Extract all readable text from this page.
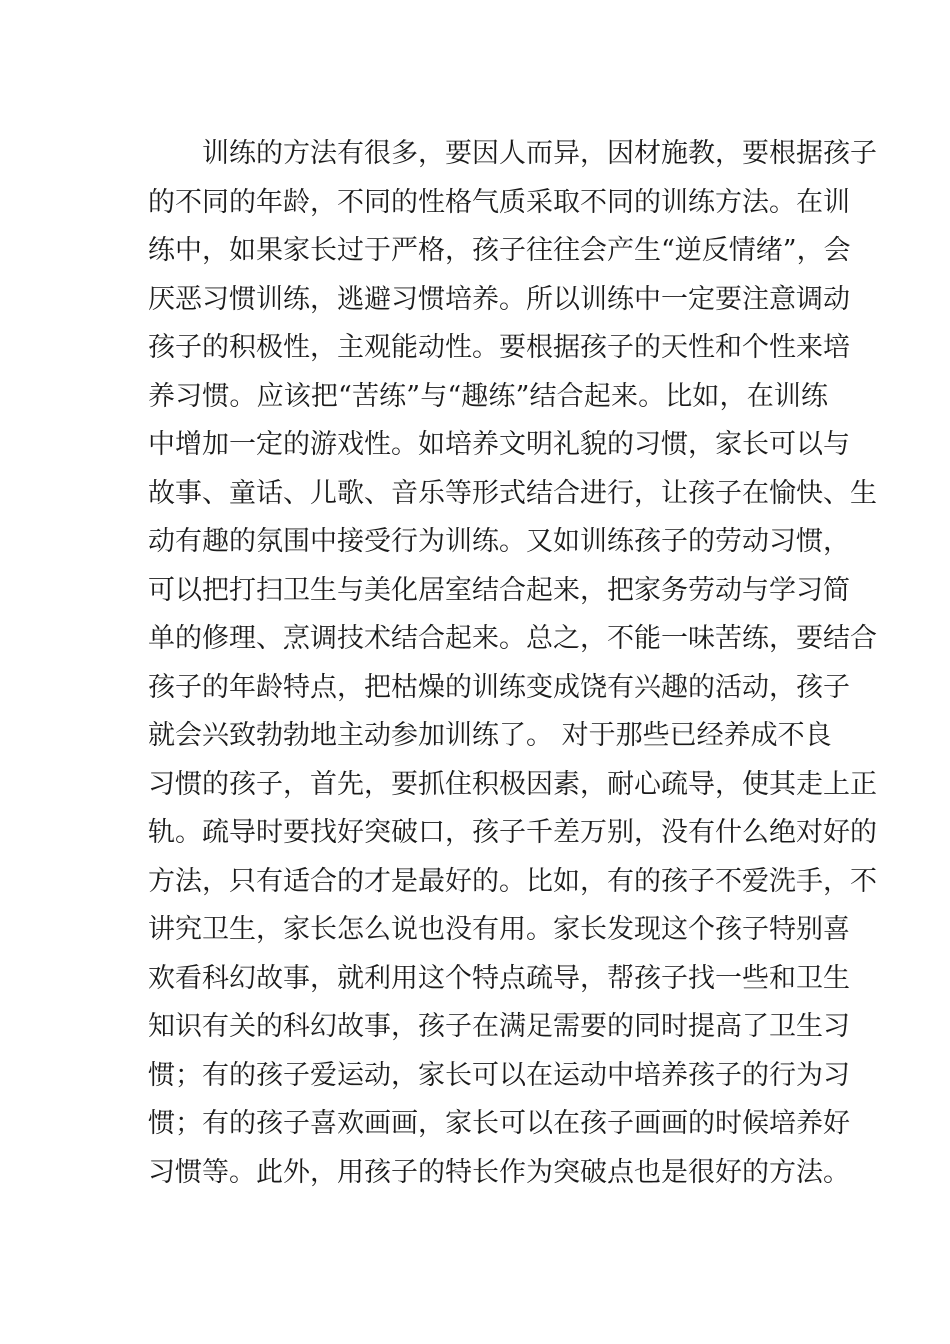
训练的方法有很多，要因人而异，因材施教，要根据孩子
的不同的年龄，不同的性格气质采取不同的训练方法。在训
练中，如果家长过于严格，孩子往往会产生“逆反情绪”，会
厌恶习惯训练，逃避习惯培养。所以训练中一定要注意调动
孩子的积极性，主观能动性。要根据孩子的天性和个性来培
养习惯。应该把“苦练”与“趣练”结合起来。比如，在训练
中增加一定的游戏性。如培养文明礼貌的习惯，家长可以与
故事、童话、儿歌、音乐等形式结合进行，让孩子在愉快、生
动有趣的氛围中接受行为训练。又如训练孩子的劳动习惯，
可以把打扫卫生与美化居室结合起来，把家务劳动与学习简
单的修理、烹调技术结合起来。总之，不能一味苦练，要结合
孩子的年龄特点，把枯燥的训练变成饶有兴趣的活动，孩子
就会兴致勃勃地主动参加训练了。 对于那些已经养成不良
习惯的孩子，首先，要抓住积极因素，耐心疏导，使其走上正
轨。疏导时要找好突破口，孩子千差万别，没有什么绝对好的
方法，只有适合的才是最好的。比如，有的孩子不爱洗手，不
讲究卫生，家长怎么说也没有用。家长发现这个孩子特别喜
欢看科幻故事，就利用这个特点疏导，帮孩子找一些和卫生
知识有关的科幻故事，孩子在满足需要的同时提高了卫生习
惯；有的孩子爱运动，家长可以在运动中培养孩子的行为习
惯；有的孩子喜欢画画，家长可以在孩子画画的时候培养好
习惯等。此外，用孩子的特长作为突破点也是很好的方法。
